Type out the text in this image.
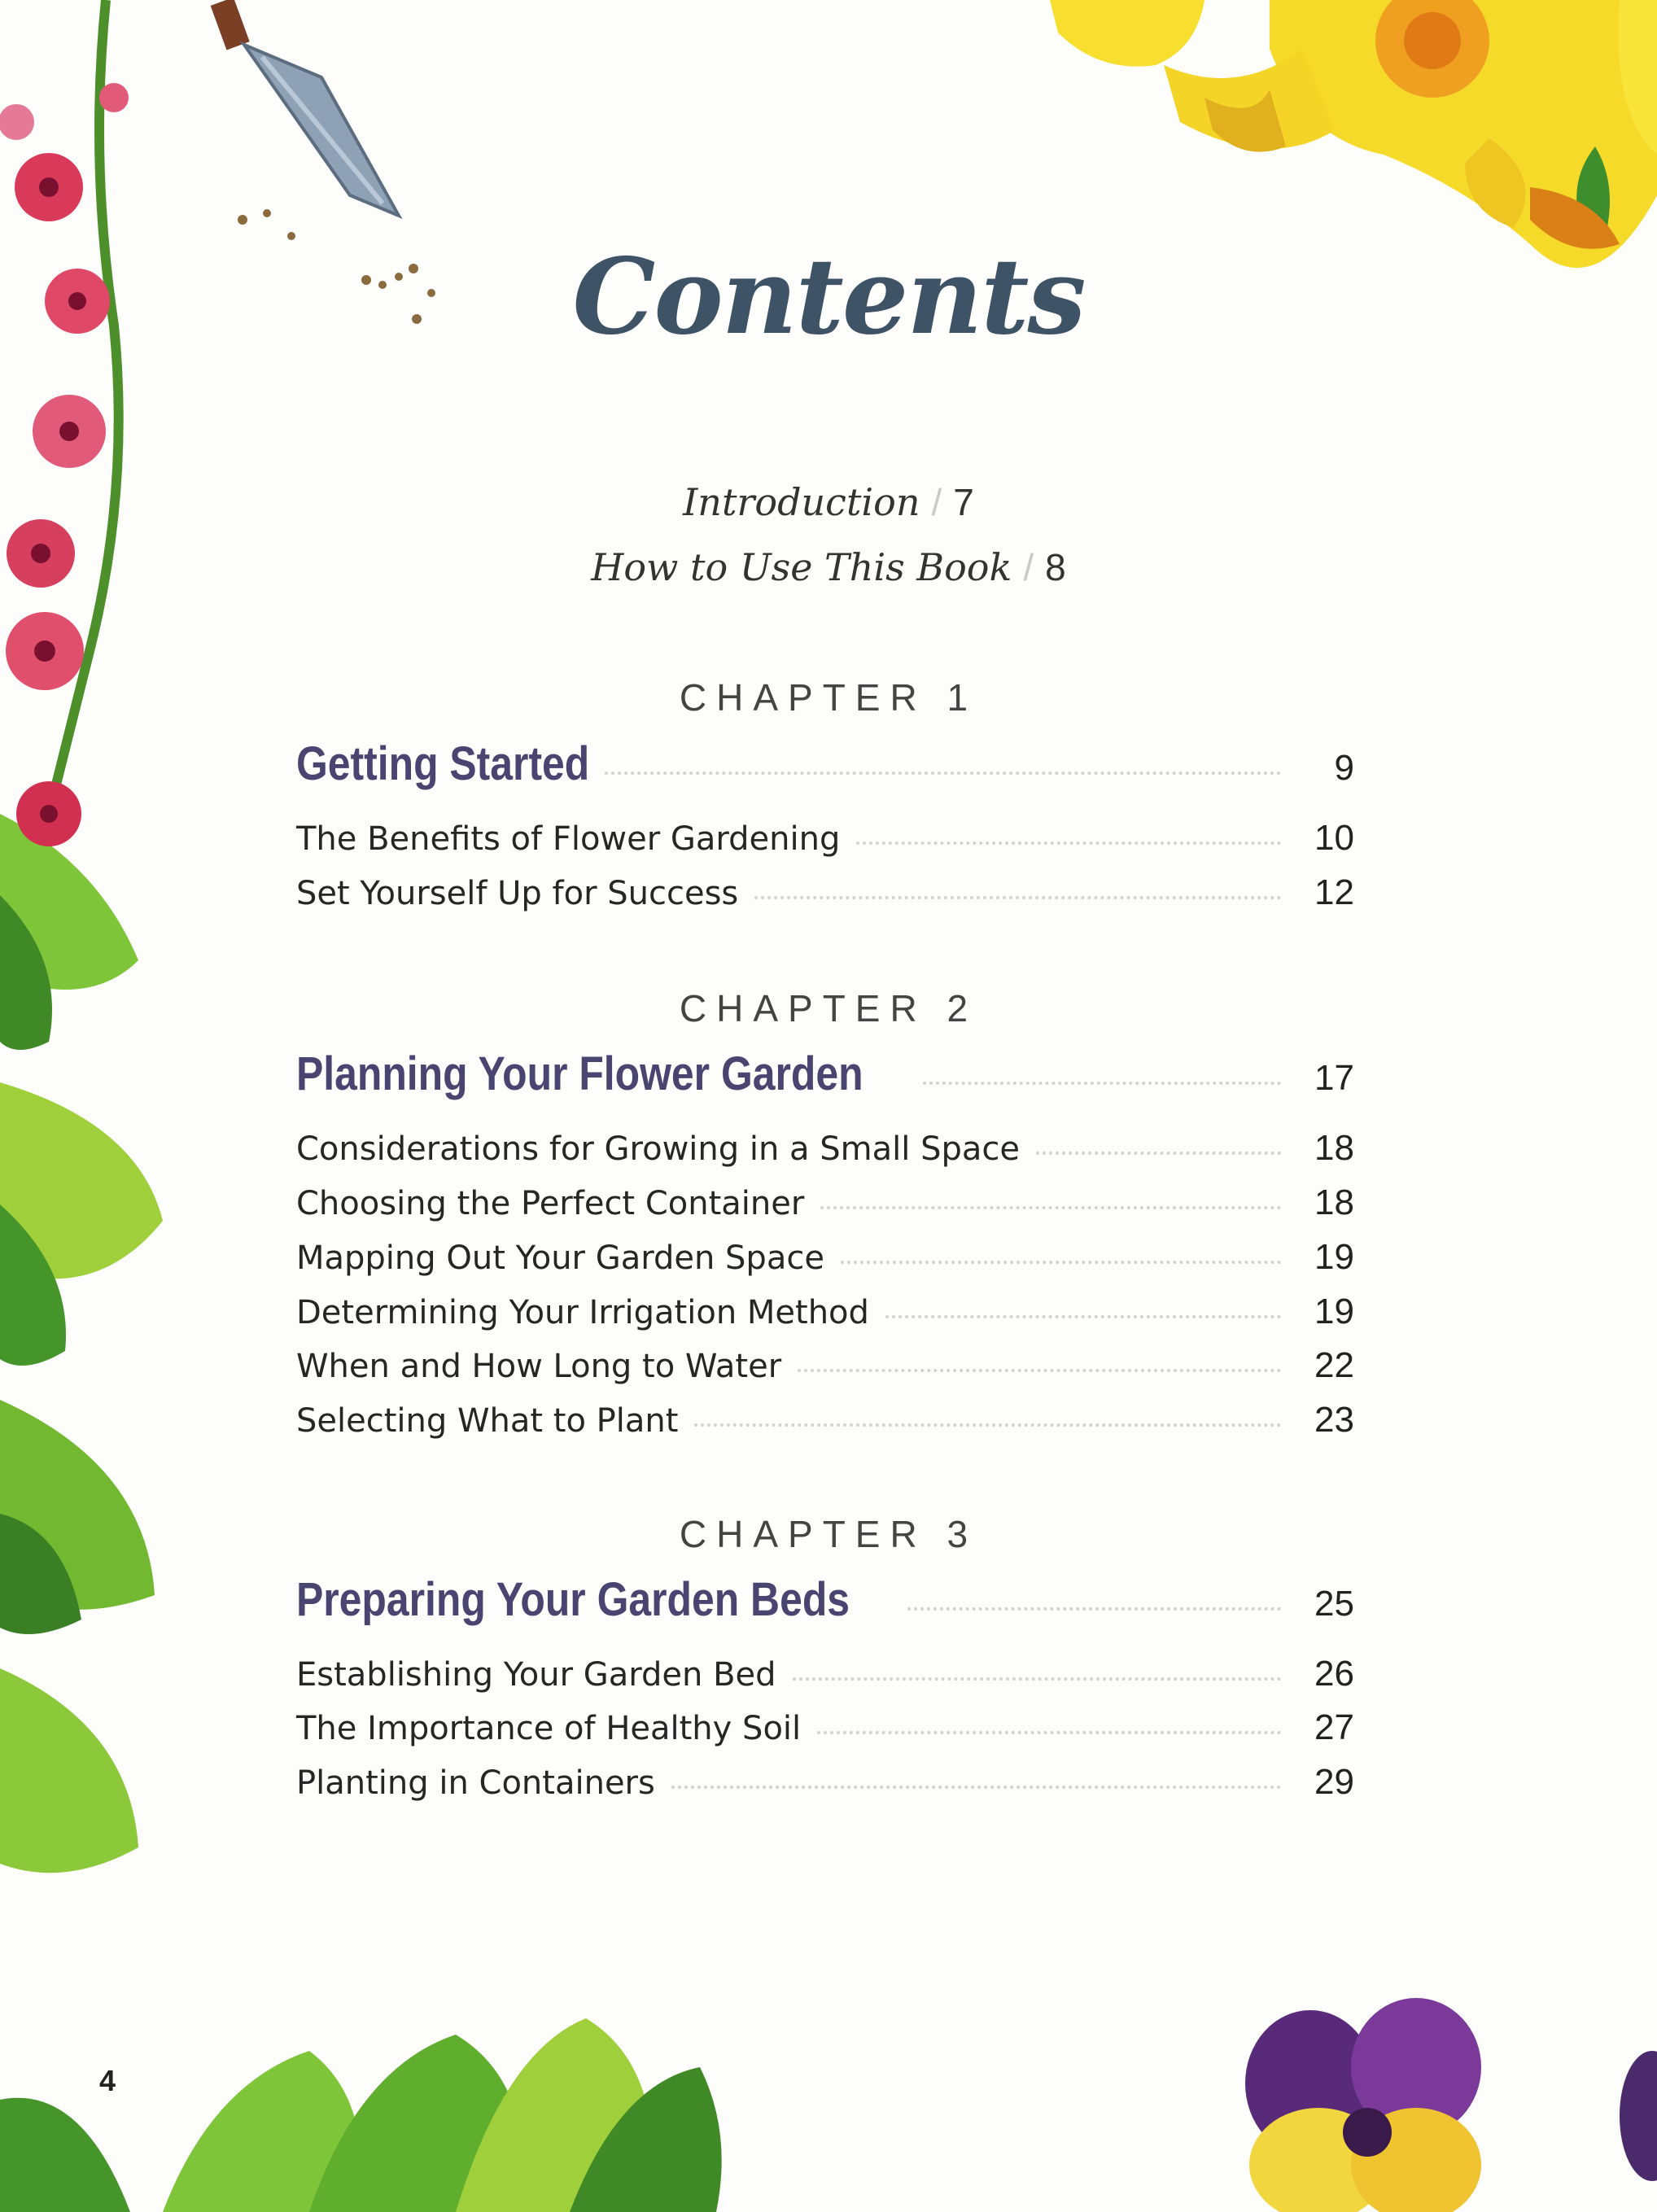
Contents
Introduction / 7
How to Use This Book / 8
CHAPTER 1
Getting Started	9
The Benefits of Flower Gardening	10
Set Yourself Up for Success	12
CHAPTER 2
Planning Your Flower Garden	17
Considerations for Growing in a Small Space	18
Choosing the Perfect Container	18
Mapping Out Your Garden Space	19
Determining Your Irrigation Method	19
When and How Long to Water	22
Selecting What to Plant	23
CHAPTER 3
Preparing Your Garden Beds	25
Establishing Your Garden Bed	26
The Importance of Healthy Soil	27
Planting in Containers	29
4
